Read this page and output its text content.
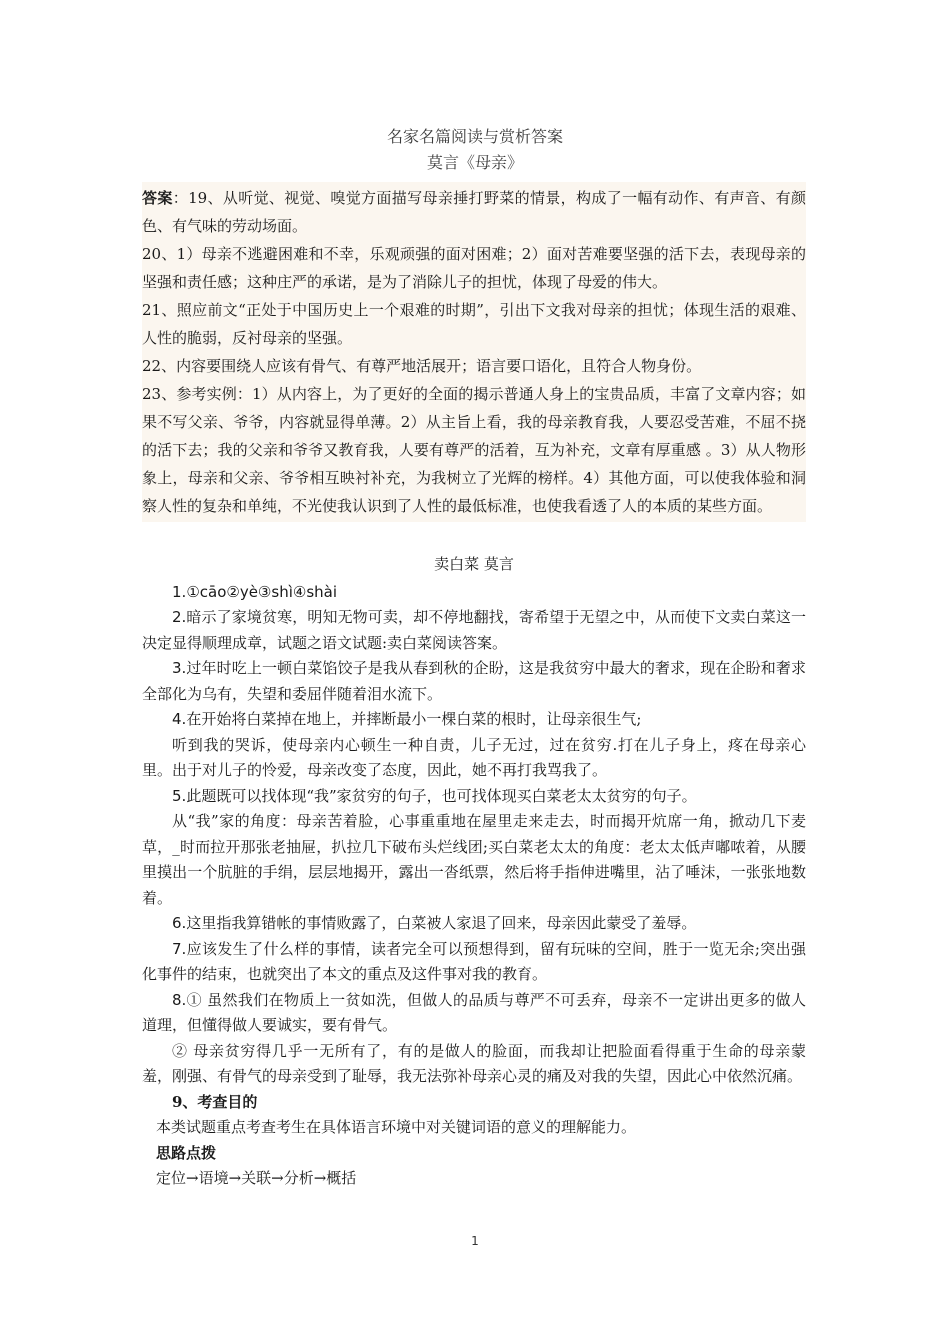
名家名篇阅读与赏析答案
莫言《母亲》

答案：19、从听觉、视觉、嗅觉方面描写母亲捶打野菜的情景，构成了一幅有动作、有声音、有颜色、有气味的劳动场面。

20、1）母亲不逃避困难和不幸，乐观顽强的面对困难；2）面对苦难要坚强的活下去，表现母亲的坚强和责任感；这种庄严的承诺，是为了消除儿子的担忧，体现了母爱的伟大。

21、照应前文“正处于中国历史上一个艰难的时期”，引出下文我对母亲的担忧；体现生活的艰难、人性的脆弱，反衬母亲的坚强。

22、内容要围绕人应该有骨气、有尊严地活展开；语言要口语化，且符合人物身份。

23、参考实例：1）从内容上，为了更好的全面的揭示普通人身上的宝贵品质，丰富了文章内容；如果不写父亲、爷爷，内容就显得单薄。2）从主旨上看，我的母亲教育我，人要忍受苦难，不屈不挠的活下去；我的父亲和爷爷又教育我，人要有尊严的活着，互为补充，文章有厚重感 。3）从人物形象上，母亲和父亲、爷爷相互映衬补充，为我树立了光辉的榜样。4）其他方面，可以使我体验和洞察人性的复杂和单纯，不光使我认识到了人性的最低标准，也使我看透了人的本质的某些方面。

卖白菜 莫言

1.①cāo②yè③shì④shài

2.暗示了家境贫寒，明知无物可卖，却不停地翻找，寄希望于无望之中，从而使下文卖白菜这一决定显得顺理成章，试题之语文试题:卖白菜阅读答案。

3.过年时吃上一顿白菜馅饺子是我从春到秋的企盼，这是我贫穷中最大的奢求，现在企盼和奢求全部化为乌有，失望和委屈伴随着泪水流下。

4.在开始将白菜掉在地上，并摔断最小一棵白菜的根时，让母亲很生气;

听到我的哭诉，使母亲内心顿生一种自责，儿子无过，过在贫穷.打在儿子身上，疼在母亲心里。出于对儿子的怜爱，母亲改变了态度，因此，她不再打我骂我了。

5.此题既可以找体现“我”家贫穷的句子，也可找体现买白菜老太太贫穷的句子。

从“我”家的角度：母亲苦着脸，心事重重地在屋里走来走去，时而揭开炕席一角，掀动几下麦草，_时而拉开那张老抽屉，扒拉几下破布头烂线团;买白菜老太太的角度：老太太低声嘟哝着，从腰里摸出一个肮脏的手绢，层层地揭开，露出一沓纸票，然后将手指伸进嘴里，沾了唾沫，一张张地数着。

6.这里指我算错帐的事情败露了，白菜被人家退了回来，母亲因此蒙受了羞辱。

7.应该发生了什么样的事情，读者完全可以预想得到，留有玩味的空间，胜于一览无余;突出强化事件的结束，也就突出了本文的重点及这件事对我的教育。

8.① 虽然我们在物质上一贫如洗，但做人的品质与尊严不可丢弃，母亲不一定讲出更多的做人道理，但懂得做人要诚实，要有骨气。

② 母亲贫穷得几乎一无所有了，有的是做人的脸面，而我却让把脸面看得重于生命的母亲蒙羞，刚强、有骨气的母亲受到了耻辱，我无法弥补母亲心灵的痛及对我的失望，因此心中依然沉痛。

9、考查目的

本类试题重点考查考生在具体语言环境中对关键词语的意义的理解能力。

思路点拨

定位→语境→关联→分析→概括

1
